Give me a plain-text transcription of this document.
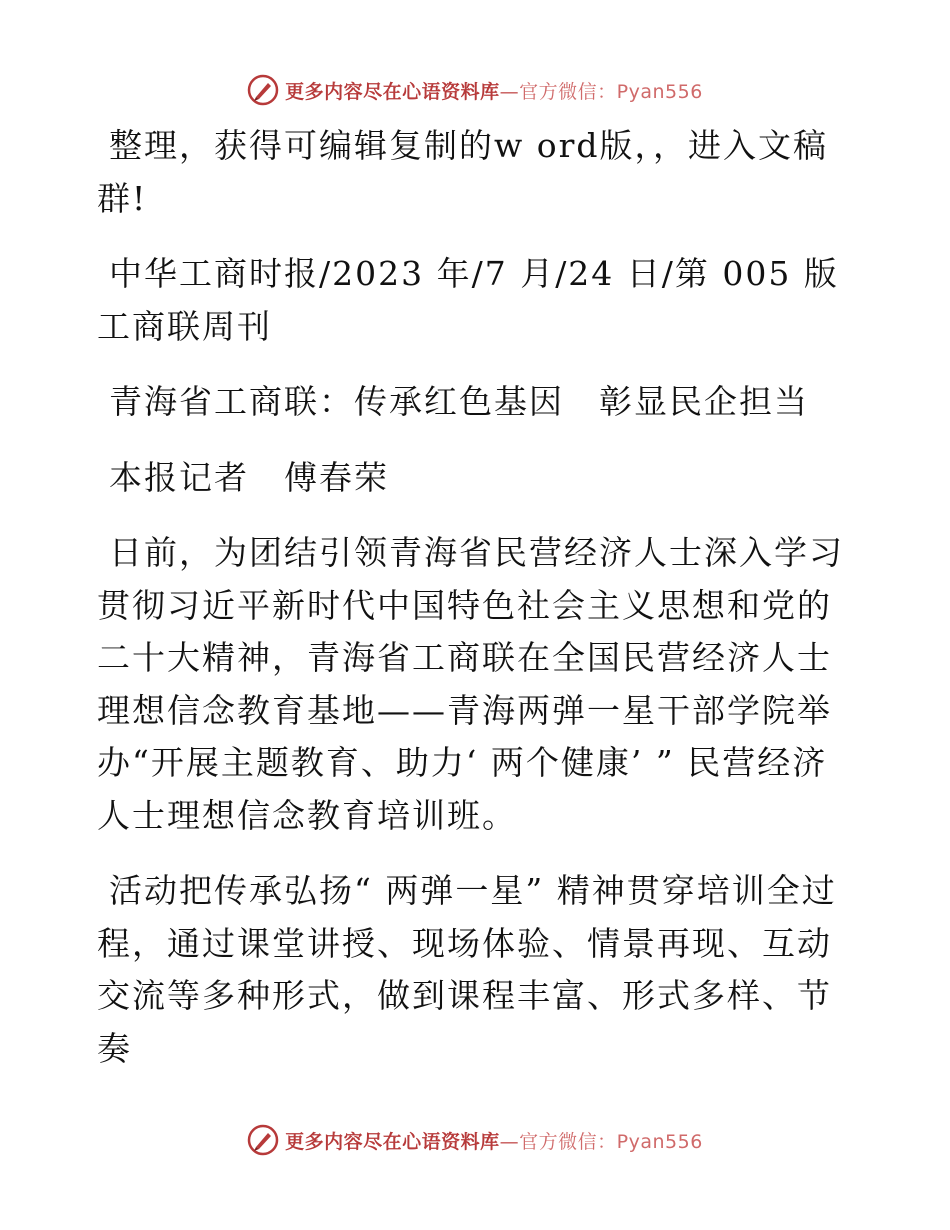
更多内容尽在心语资料库—官方微信：Pyan556

整理，获得可编辑复制的w ord版，，进入文稿群!

中华工商时报/2023 年/7 月/24 日/第 005 版工商联周刊

青海省工商联：传承红色基因　彰显民企担当

本报记者　傅春荣

日前，为团结引领青海省民营经济人士深入学习贯彻习近平新时代中国特色社会主义思想和党的二十大精神，青海省工商联在全国民营经济人士理想信念教育基地——青海两弹一星干部学院举办“开展主题教育、助力‘ 两个健康’ ” 民营经济人士理想信念教育培训班。

活动把传承弘扬“ 两弹一星” 精神贯穿培训全过程，通过课堂讲授、现场体验、情景再现、互动交流等多种形式，做到课程丰富、形式多样、节奏

更多内容尽在心语资料库—官方微信：Pyan556
